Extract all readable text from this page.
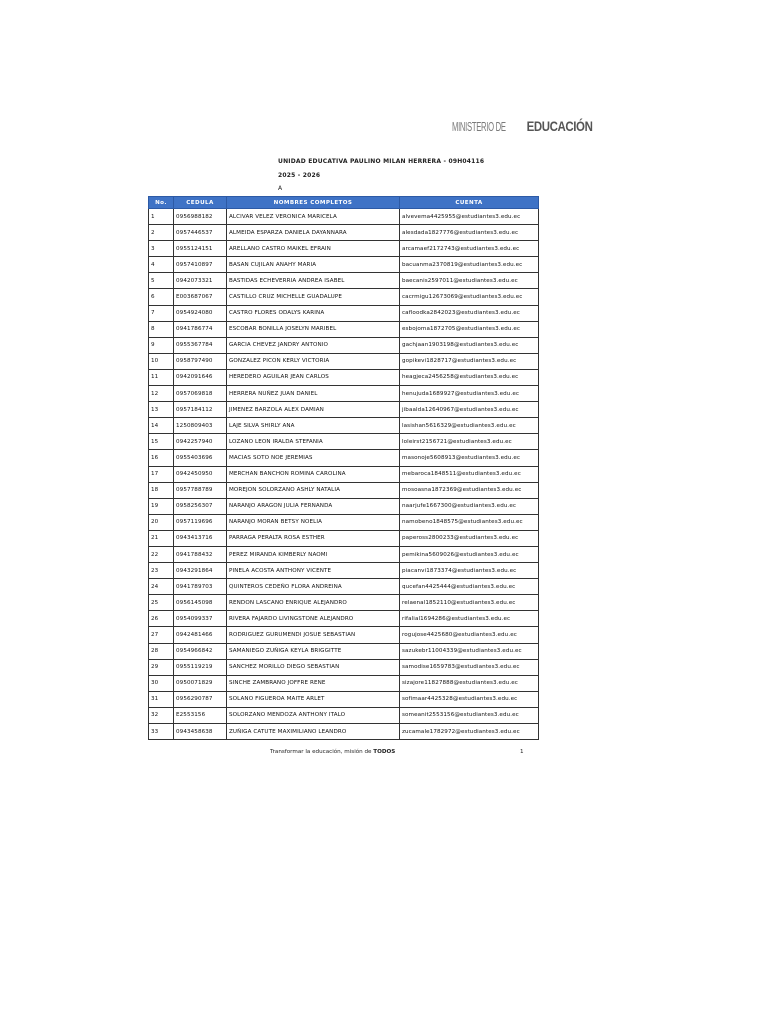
MINISTERIO DE EDUCACIÓN
UNIDAD EDUCATIVA PAULINO MILAN HERRERA - 09H04116
2025 - 2026
A
No.	CEDULA	NOMBRES COMPLETOS	CUENTA
1	0956988182	ALCIVAR VELEZ VERONICA MARICELA	alvevema4425955@estudiantes3.edu.ec
2	0957446537	ALMEIDA ESPARZA DANIELA DAYANNARA	alesdada1827776@estudiantes3.edu.ec
3	0955124151	ARELLANO CASTRO MAIKEL EFRAIN	arcamaef2172743@estudiantes3.edu.ec
4	0957410897	BASAN CUJILAN ANAHY MARIA	bacuanma2370819@estudiantes3.edu.ec
5	0942073321	BASTIDAS ECHEVERRIA ANDREA ISABEL	baecanis2597011@estudiantes3.edu.ec
6	E003687067	CASTILLO CRUZ MICHELLE GUADALUPE	cacrmigu12673069@estudiantes3.edu.ec
7	0954924080	CASTRO FLORES ODALYS KARINA	cafloodka2842023@estudiantes3.edu.ec
8	0941786774	ESCOBAR BONILLA JOSELYN MARIBEL	esbojoma1872705@estudiantes3.edu.ec
9	0955367784	GARCIA CHEVEZ JANDRY ANTONIO	gachjaan1903198@estudiantes3.edu.ec
10	0958797490	GONZALEZ PICON KERLY VICTORIA	gopikevi1828717@estudiantes3.edu.ec
11	0942091646	HEREDERO AGUILAR JEAN CARLOS	heagjeca2456258@estudiantes3.edu.ec
12	0957069818	HERRERA NUÑEZ JUAN DANIEL	henujuda1689927@estudiantes3.edu.ec
13	0957184112	JIMENEZ BARZOLA ALEX DAMIAN	jibaalda12640967@estudiantes3.edu.ec
14	1250809403	LAJE SILVA SHIRLY ANA	lasishan5616329@estudiantes3.edu.ec
15	0942257940	LOZANO LEON IRALDA STEFANIA	loleirst2156721@estudiantes3.edu.ec
16	0955403696	MACIAS SOTO NOE JEREMIAS	masonoje5608913@estudiantes3.edu.ec
17	0942450950	MERCHAN BANCHON ROMINA CAROLINA	mebaroca1848511@estudiantes3.edu.ec
18	0957788789	MOREJON SOLORZANO ASHLY NATALIA	mosoasna1872369@estudiantes3.edu.ec
19	0958256307	NARANJO ARAGON JULIA FERNANDA	naarjufe1667300@estudiantes3.edu.ec
20	0957119696	NARANJO MORAN BETSY NOELIA	namobeno1848575@estudiantes3.edu.ec
21	0943413716	PARRAGA PERALTA ROSA ESTHER	papeross2800233@estudiantes3.edu.ec
22	0941788432	PEREZ MIRANDA KIMBERLY NAOMI	pemikina5609026@estudiantes3.edu.ec
23	0943291864	PINELA ACOSTA ANTHONY VICENTE	piacanvi1873374@estudiantes3.edu.ec
24	0941789703	QUINTEROS CEDEÑO FLORA ANDREINA	qucefan4425444@estudiantes3.edu.ec
25	0956145098	RENDON LASCANO ENRIQUE ALEJANDRO	relaenal1852110@estudiantes3.edu.ec
26	0954099337	RIVERA FAJARDO LIVINGSTONE ALEJANDRO	rifalial1694286@estudiantes3.edu.ec
27	0942481466	RODRIGUEZ GURUMENDI JOSUE SEBASTIAN	rogujose4425680@estudiantes3.edu.ec
28	0954966842	SAMANIEGO ZUÑIGA KEYLA BRIGGITTE	sazukebr11004339@estudiantes3.edu.ec
29	0955119219	SANCHEZ MORILLO DIEGO SEBASTIAN	samodise1659783@estudiantes3.edu.ec
30	0950071829	SINCHE ZAMBRANO JOFFRE RENE	sizajore11827888@estudiantes3.edu.ec
31	0956290787	SOLANO FIGUEROA MAITE ARLET	sofimaar4425328@estudiantes3.edu.ec
32	E2553156	SOLORZANO MENDOZA ANTHONY ITALO	someanit2553156@estudiantes3.edu.ec
33	0943458638	ZUÑIGA CATUTE MAXIMILIANO LEANDRO	zucamale1782972@estudiantes3.edu.ec
Transformar la educación, misión de TODOS	1
